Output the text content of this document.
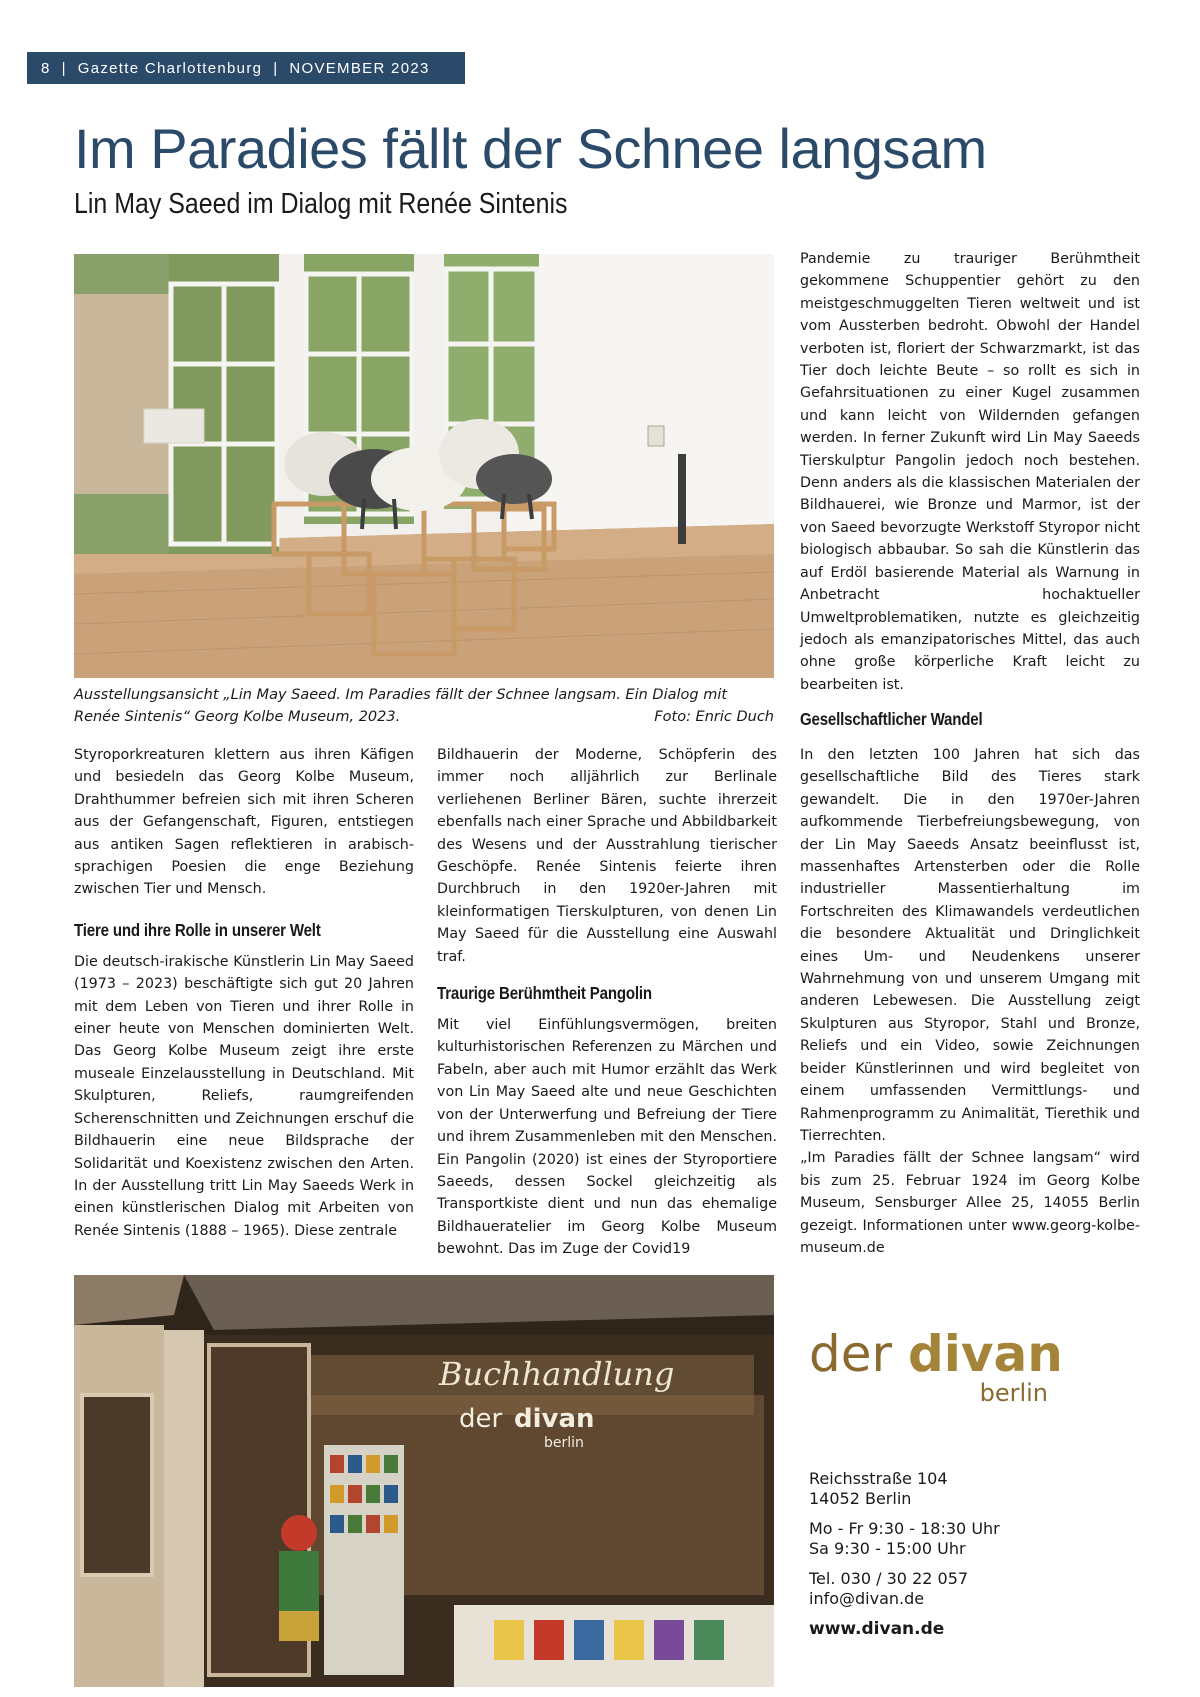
8
|
Gazette Charlottenburg
|
NOVEMBER 2023
Im Paradies fällt der Schnee langsam
Lin May Saeed im Dialog mit Renée Sintenis
Ausstellungsansicht „Lin May Saeed. Im Paradies fällt der Schnee langsam. Ein Dialog mit Renée Sintenis“ Georg Kolbe Museum, 2023.	Foto: Enric Duch

Pandemie zu trauriger Berühmtheit gekommene Schuppentier gehört zu den meistgeschmuggelten Tieren weltweit und ist vom Aussterben bedroht. Obwohl der Handel verboten ist, floriert der Schwarzmarkt, ist das Tier doch leichte Beute – so rollt es sich in Gefahrsituationen zu einer Kugel zusammen und kann leicht von Wildernden gefangen werden. In ferner Zukunft wird Lin May Saeeds Tierskulptur Pangolin jedoch noch bestehen. Denn anders als die klassischen Materialen der Bildhauerei, wie Bronze und Marmor, ist der von Saeed bevorzugte Werkstoff Styropor nicht biologisch abbaubar. So sah die Künstlerin das auf Erdöl basierende Material als Warnung in Anbetracht hochaktueller Umweltproblematiken, nutzte es gleichzeitig jedoch als emanzipatorisches Mittel, das auch ohne große körperliche Kraft leicht zu bearbeiten ist.

Gesellschaftlicher Wandel

Styroporkreaturen klettern aus ihren Käfigen und besiedeln das Georg Kolbe Museum, Drahthummer befreien sich mit ihren Scheren aus der Gefangenschaft, Figuren, entstiegen aus antiken Sagen reflektieren in arabisch-sprachigen Poesien die enge Beziehung zwischen Tier und Mensch.

Tiere und ihre Rolle in unserer Welt

Die deutsch-irakische Künstlerin Lin May Saeed (1973 – 2023) beschäftigte sich gut 20 Jahren mit dem Leben von Tieren und ihrer Rolle in einer heute von Menschen dominierten Welt. Das Georg Kolbe Museum zeigt ihre erste museale Einzelausstellung in Deutschland. Mit Skulpturen, Reliefs, raumgreifenden Scherenschnitten und Zeichnungen erschuf die Bildhauerin eine neue Bildsprache der Solidarität und Koexistenz zwischen den Arten. In der Ausstellung tritt Lin May Saeeds Werk in einen künstlerischen Dialog mit Arbeiten von Renée Sintenis (1888 – 1965). Diese zentrale

Bildhauerin der Moderne, Schöpferin des immer noch alljährlich zur Berlinale verliehenen Berliner Bären, suchte ihrerzeit ebenfalls nach einer Sprache und Abbildbarkeit des Wesens und der Ausstrahlung tierischer Geschöpfe. Renée Sintenis feierte ihren Durchbruch in den 1920er-Jahren mit kleinformatigen Tierskulpturen, von denen Lin May Saeed für die Ausstellung eine Auswahl traf.

Traurige Berühmtheit Pangolin

Mit viel Einfühlungsvermögen, breiten kulturhistorischen Referenzen zu Märchen und Fabeln, aber auch mit Humor erzählt das Werk von Lin May Saeed alte und neue Geschichten von der Unterwerfung und Befreiung der Tiere und ihrem Zusammenleben mit den Menschen. Ein Pangolin (2020) ist eines der Styroportiere Saeeds, dessen Sockel gleichzeitig als Transportkiste dient und nun das ehemalige Bildhaueratelier im Georg Kolbe Museum bewohnt. Das im Zuge der Covid19

In den letzten 100 Jahren hat sich das gesellschaftliche Bild des Tieres stark gewandelt. Die in den 1970er-Jahren aufkommende Tierbefreiungsbewegung, von der Lin May Saeeds Ansatz beeinflusst ist, massenhaftes Artensterben oder die Rolle industrieller Massentierhaltung im Fortschreiten des Klimawandels verdeutlichen die besondere Aktualität und Dringlichkeit eines Um- und Neudenkens unserer Wahrnehmung von und unserem Umgang mit anderen Lebewesen. Die Ausstellung zeigt Skulpturen aus Styropor, Stahl und Bronze, Reliefs und ein Video, sowie Zeichnungen beider Künstlerinnen und wird begleitet von einem umfassenden Vermittlungs- und Rahmenprogramm zu Animalität, Tierethik und Tierrechten.

„Im Paradies fällt der Schnee langsam“ wird bis zum 25. Februar 1924 im Georg Kolbe Museum, Sensburger Allee 25, 14055 Berlin gezeigt. Informationen unter www.georg-kolbe-museum.de

Buchhandlung
der divan
berlin
der divan
berlin
Reichsstraße 104
14052 Berlin
Mo - Fr 9:30 - 18:30 Uhr
Sa 9:30 - 15:00 Uhr
Tel. 030 / 30 22 057
info@divan.de
www.divan.de
